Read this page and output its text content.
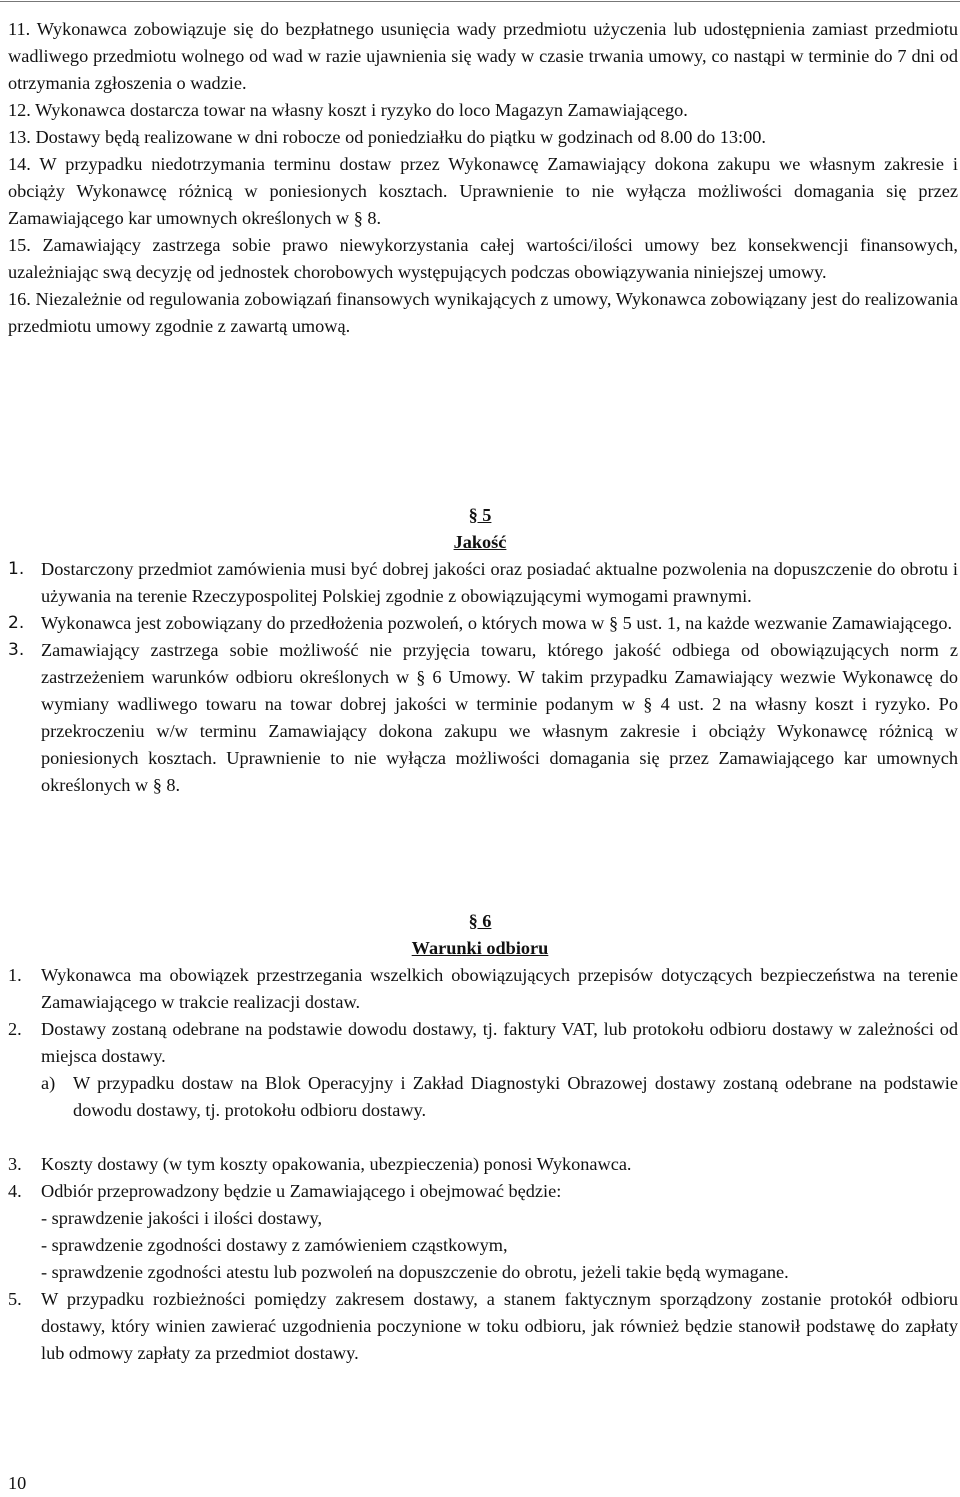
11. Wykonawca zobowiązuje się do bezpłatnego usunięcia wady przedmiotu użyczenia lub udostępnienia zamiast przedmiotu wadliwego przedmiotu wolnego od wad w razie ujawnienia się wady w czasie trwania umowy, co nastąpi w terminie do 7 dni od otrzymania zgłoszenia o wadzie.

12. Wykonawca dostarcza towar na własny koszt i ryzyko do loco Magazyn Zamawiającego.

13. Dostawy będą realizowane w dni robocze od poniedziałku do piątku w godzinach od 8.00 do 13:00.

14. W przypadku niedotrzymania terminu dostaw przez Wykonawcę Zamawiający dokona zakupu we własnym zakresie i obciąży Wykonawcę różnicą w poniesionych kosztach. Uprawnienie to nie wyłącza możliwości domagania się przez Zamawiającego kar umownych określonych w § 8.

15. Zamawiający zastrzega sobie prawo niewykorzystania całej wartości/ilości umowy bez konsekwencji finansowych, uzależniając swą decyzję od jednostek chorobowych występujących podczas obowiązywania niniejszej umowy.

16. Niezależnie od regulowania zobowiązań finansowych wynikających z umowy, Wykonawca zobowiązany jest do realizowania przedmiotu umowy zgodnie z zawartą umową.

§ 5
Jakość

1. Dostarczony przedmiot zamówienia musi być dobrej jakości oraz posiadać aktualne pozwolenia na dopuszczenie do obrotu i używania na terenie Rzeczypospolitej Polskiej zgodnie z obowiązującymi wymogami prawnymi.

2. Wykonawca jest zobowiązany do przedłożenia pozwoleń, o których mowa w § 5 ust. 1, na każde wezwanie Zamawiającego.

3. Zamawiający zastrzega sobie możliwość nie przyjęcia towaru, którego jakość odbiega od obowiązujących norm z zastrzeżeniem warunków odbioru określonych w § 6 Umowy. W takim przypadku Zamawiający wezwie Wykonawcę do wymiany wadliwego towaru na towar dobrej jakości w terminie podanym w § 4 ust. 2 na własny koszt i ryzyko. Po przekroczeniu w/w terminu Zamawiający dokona zakupu we własnym zakresie i obciąży Wykonawcę różnicą w poniesionych kosztach. Uprawnienie to nie wyłącza możliwości domagania się przez Zamawiającego kar umownych określonych w § 8.

§ 6
Warunki odbioru

1. Wykonawca ma obowiązek przestrzegania wszelkich obowiązujących przepisów dotyczących bezpieczeństwa na terenie Zamawiającego w trakcie realizacji dostaw.

2. Dostawy zostaną odebrane na podstawie dowodu dostawy, tj. faktury VAT, lub protokołu odbioru dostawy w zależności od miejsca dostawy.

a) W przypadku dostaw na Blok Operacyjny i Zakład Diagnostyki Obrazowej dostawy zostaną odebrane na podstawie dowodu dostawy, tj. protokołu odbioru dostawy.

3. Koszty dostawy (w tym koszty opakowania, ubezpieczenia) ponosi Wykonawca.

4. Odbiór przeprowadzony będzie u Zamawiającego i obejmować będzie:

- sprawdzenie jakości i ilości dostawy,

- sprawdzenie zgodności dostawy z zamówieniem cząstkowym,

- sprawdzenie zgodności atestu lub pozwoleń na dopuszczenie do obrotu, jeżeli takie będą wymagane.

5. W przypadku rozbieżności pomiędzy zakresem dostawy, a stanem faktycznym sporządzony zostanie protokół odbioru dostawy, który winien zawierać uzgodnienia poczynione w toku odbioru, jak również będzie stanowił podstawę do zapłaty lub odmowy zapłaty za przedmiot dostawy.

10
